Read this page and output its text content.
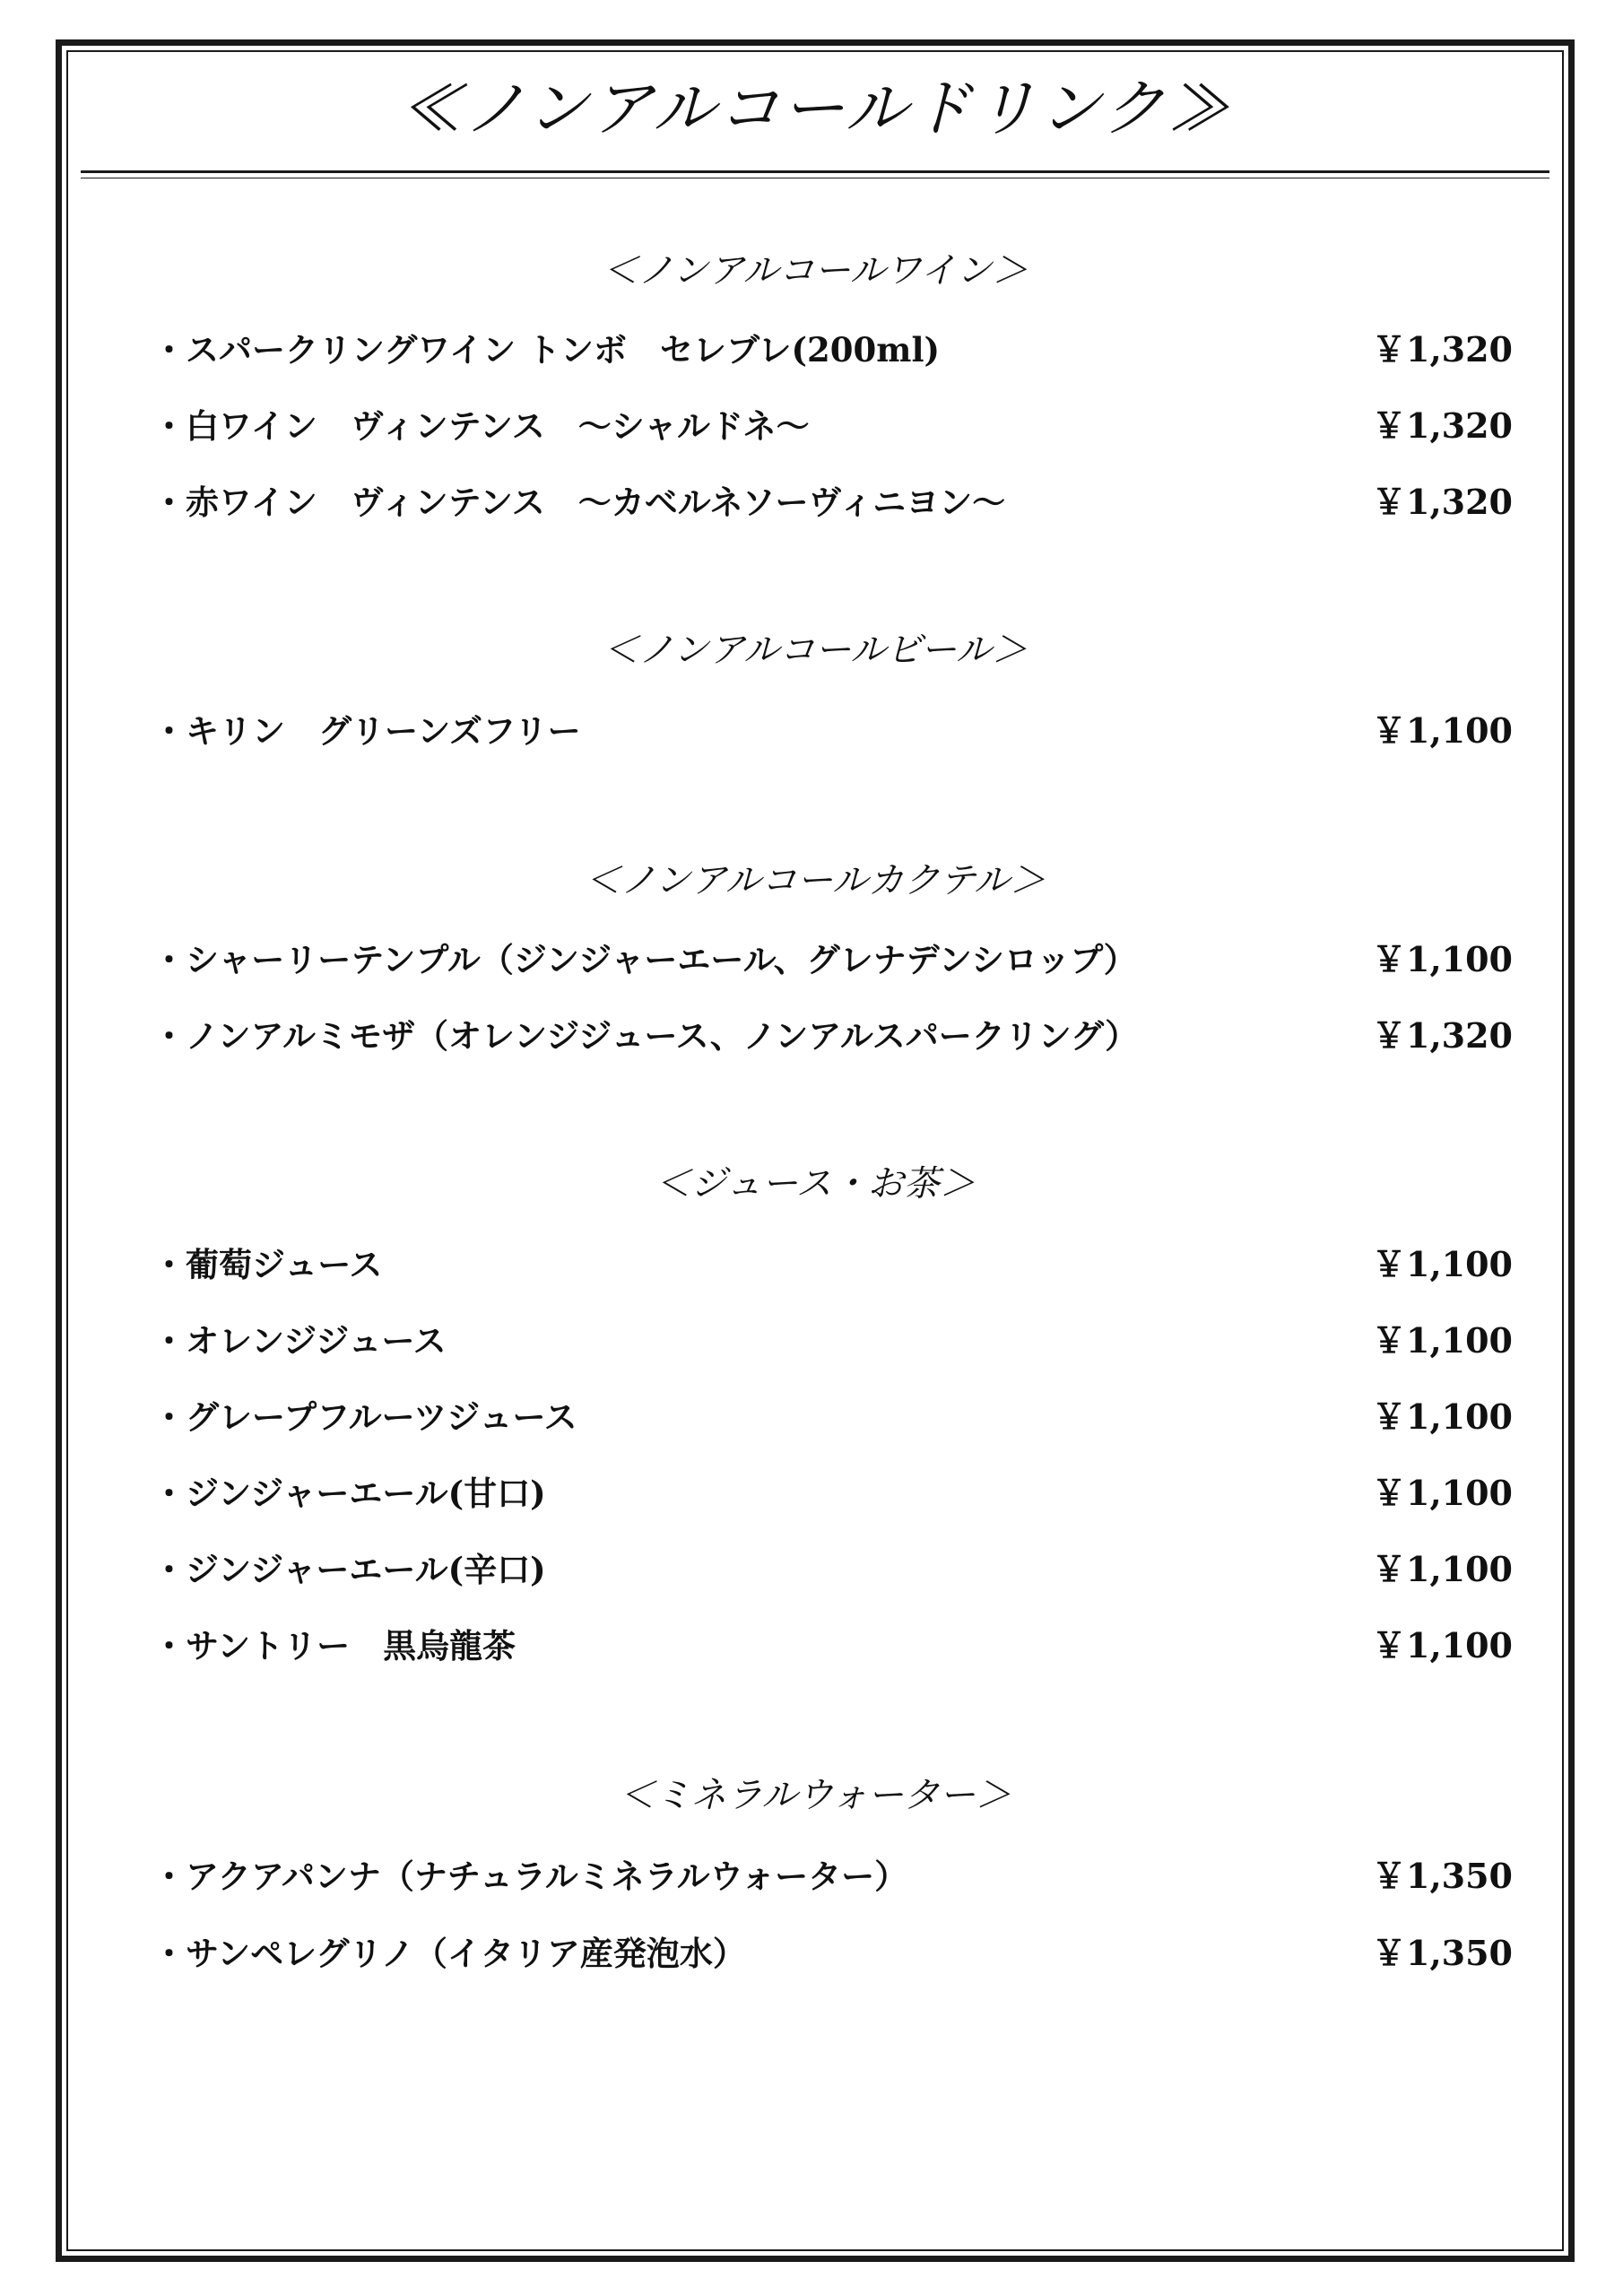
≪ノンアルコールドリンク≫
＜ノンアルコールワイン＞
・スパークリングワイン トンボ　セレブレ(200ml)	￥1,320
・白ワイン　ヴィンテンス　～シャルドネ～	￥1,320
・赤ワイン　ヴィンテンス　～カベルネソーヴィニヨン～	￥1,320
＜ノンアルコールビール＞
・キリン　グリーンズフリー	￥1,100
＜ノンアルコールカクテル＞
・シャーリーテンプル（ジンジャーエール、グレナデンシロップ）	￥1,100
・ノンアルミモザ（オレンジジュース、ノンアルスパークリング）	￥1,320
＜ジュース・お茶＞
・葡萄ジュース	￥1,100
・オレンジジュース	￥1,100
・グレープフルーツジュース	￥1,100
・ジンジャーエール(甘口)	￥1,100
・ジンジャーエール(辛口)	￥1,100
・サントリー　黒烏龍茶	￥1,100
＜ミネラルウォーター＞
・アクアパンナ（ナチュラルミネラルウォーター）	￥1,350
・サンペレグリノ（イタリア産発泡水）	￥1,350
